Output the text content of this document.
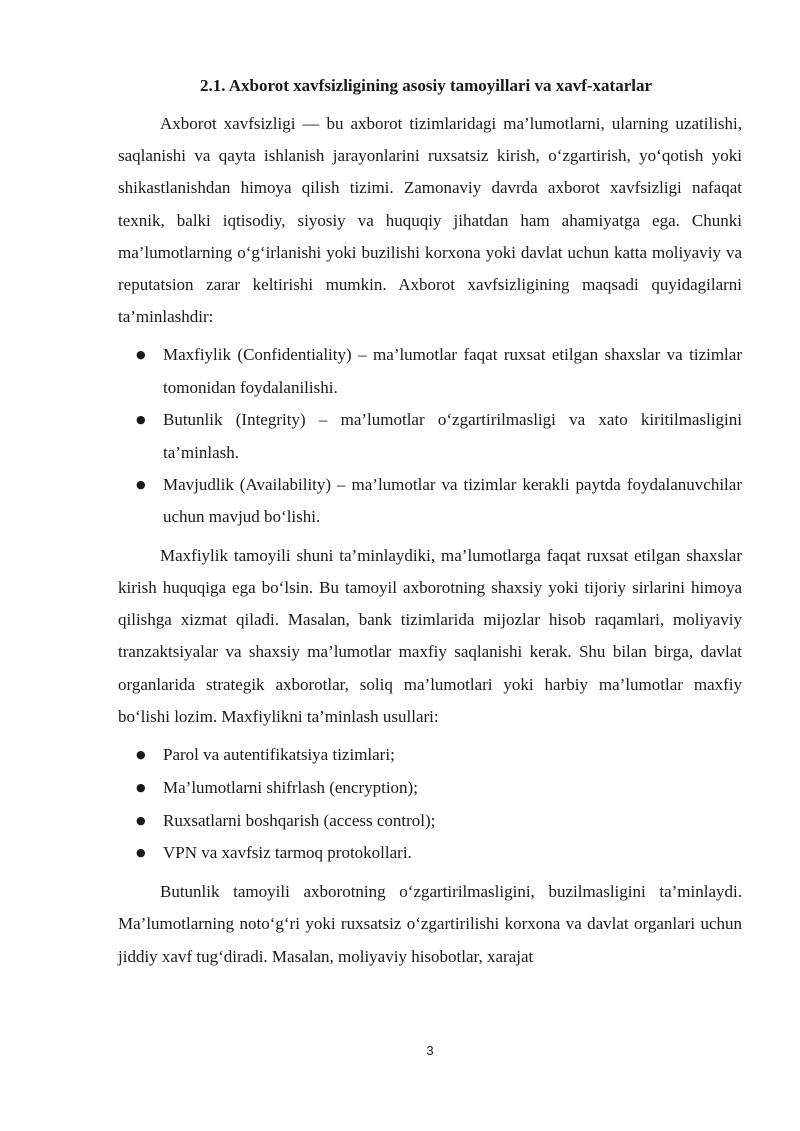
2.1. Axborot xavfsizligining asosiy tamoyillari va xavf-xatarlar

Axborot xavfsizligi — bu axborot tizimlaridagi ma’lumotlarni, ularning uzatilishi, saqlanishi va qayta ishlanish jarayonlarini ruxsatsiz kirish, o‘zgartirish, yo‘qotish yoki shikastlanishdan himoya qilish tizimi. Zamonaviy davrda axborot xavfsizligi nafaqat texnik, balki iqtisodiy, siyosiy va huquqiy jihatdan ham ahamiyatga ega. Chunki ma’lumotlarning o‘g‘irlanishi yoki buzilishi korxona yoki davlat uchun katta moliyaviy va reputatsion zarar keltirishi mumkin. Axborot xavfsizligining maqsadi quyidagilarni ta’minlashdir:

● Maxfiylik (Confidentiality) – ma’lumotlar faqat ruxsat etilgan shaxslar va tizimlar tomonidan foydalanilishi.
● Butunlik (Integrity) – ma’lumotlar o‘zgartirilmasligi va xato kiritilmasligini ta’minlash.
● Mavjudlik (Availability) – ma’lumotlar va tizimlar kerakli paytda foydalanuvchilar uchun mavjud bo‘lishi.

Maxfiylik tamoyili shuni ta’minlaydiki, ma’lumotlarga faqat ruxsat etilgan shaxslar kirish huquqiga ega bo‘lsin. Bu tamoyil axborotning shaxsiy yoki tijoriy sirlarini himoya qilishga xizmat qiladi. Masalan, bank tizimlarida mijozlar hisob raqamlari, moliyaviy tranzaktsiyalar va shaxsiy ma’lumotlar maxfiy saqlanishi kerak. Shu bilan birga, davlat organlarida strategik axborotlar, soliq ma’lumotlari yoki harbiy ma’lumotlar maxfiy bo‘lishi lozim. Maxfiylikni ta’minlash usullari:

● Parol va autentifikatsiya tizimlari;
● Ma’lumotlarni shifrlash (encryption);
● Ruxsatlarni boshqarish (access control);
● VPN va xavfsiz tarmoq protokollari.

Butunlik tamoyili axborotning o‘zgartirilmasligini, buzilmasligini ta’minlaydi. Ma’lumotlarning noto‘g‘ri yoki ruxsatsiz o‘zgartirilishi korxona va davlat organlari uchun jiddiy xavf tug‘diradi. Masalan, moliyaviy hisobotlar, xarajat

3
